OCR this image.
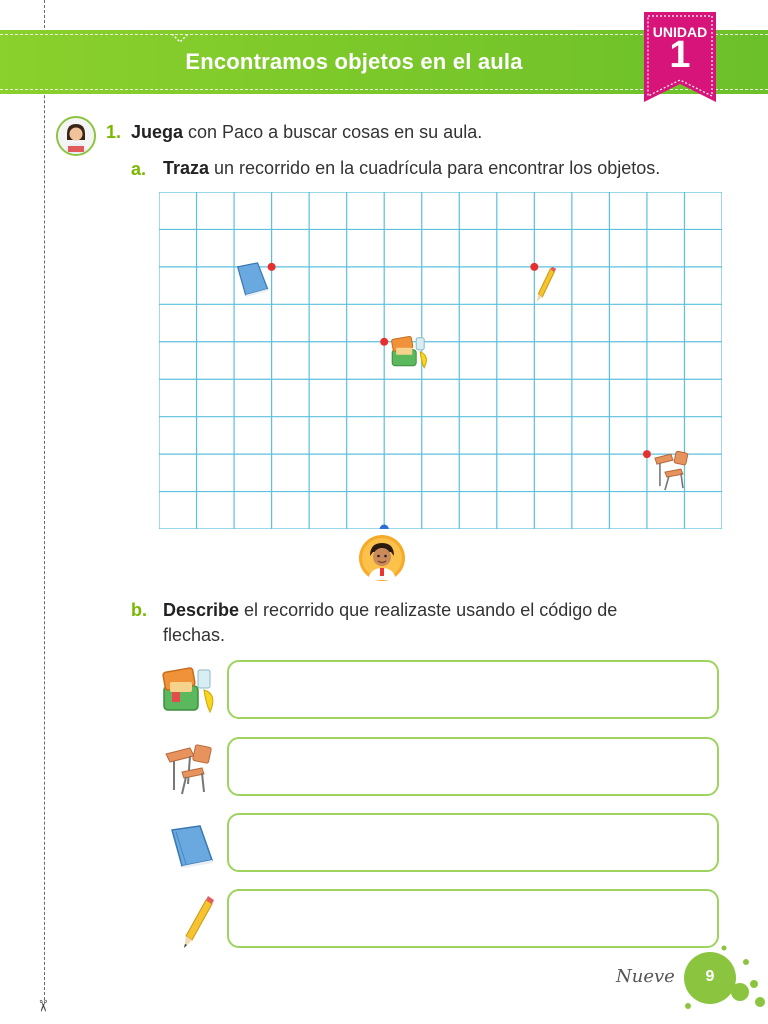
✂
Encontramos objetos en el aula
UNIDAD
1
1. Juega con Paco a buscar cosas en su aula.
a. Traza un recorrido en la cuadrícula para encontrar los objetos.
b. Describe el recorrido que realizaste usando el código de
flechas.
Nueve	9
